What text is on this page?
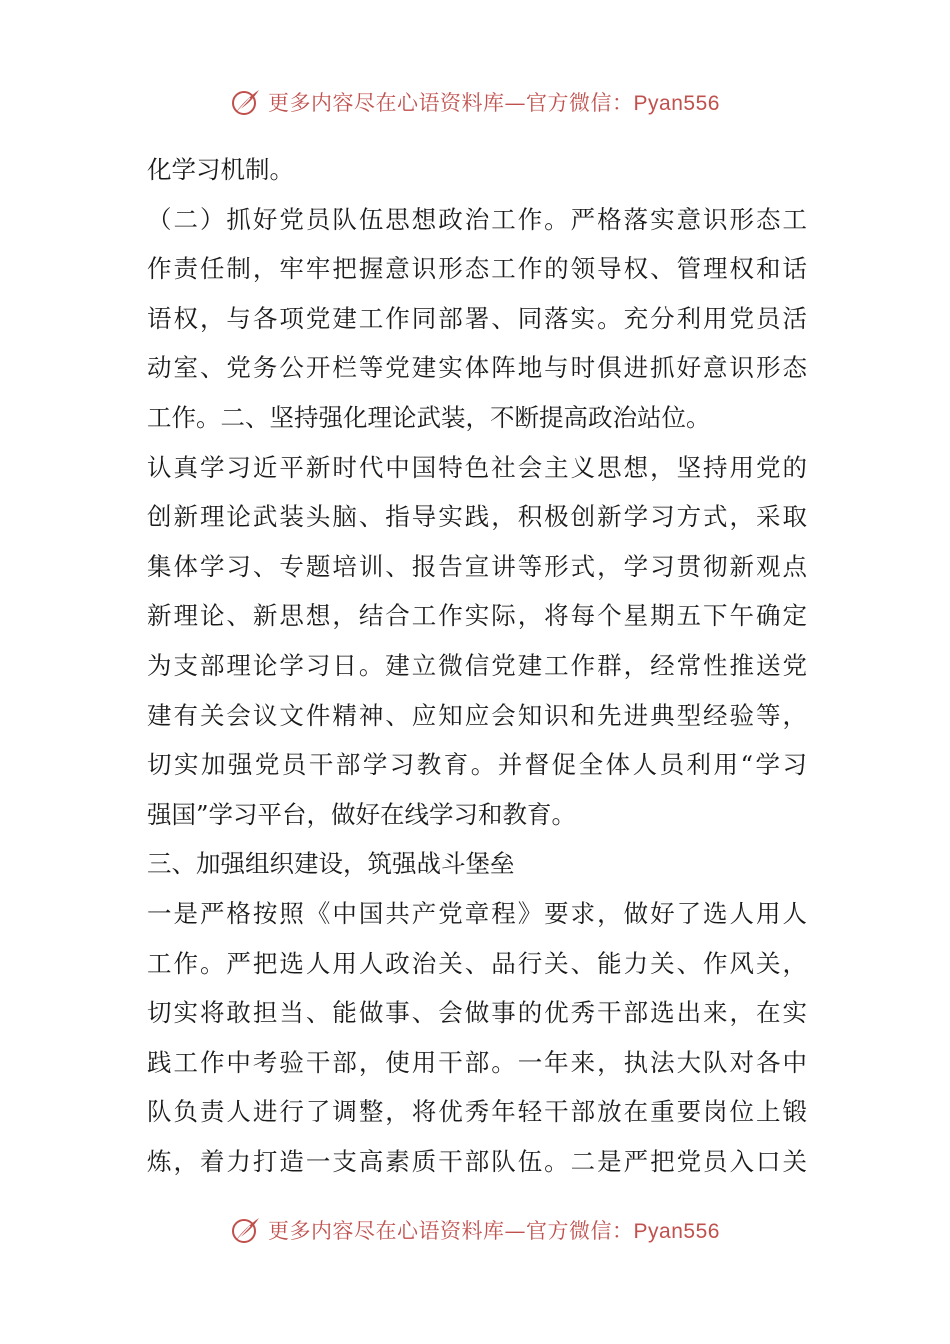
更多内容尽在心语资料库—官方微信：Pyan556
化学习机制。
（二）抓好党员队伍思想政治工作。严格落实意识形态工
作责任制，牢牢把握意识形态工作的领导权、管理权和话
语权，与各项党建工作同部署、同落实。充分利用党员活
动室、党务公开栏等党建实体阵地与时俱进抓好意识形态
工作。二、坚持强化理论武装，不断提高政治站位。
认真学习近平新时代中国特色社会主义思想，坚持用党的
创新理论武装头脑、指导实践，积极创新学习方式，采取
集体学习、专题培训、报告宣讲等形式，学习贯彻新观点
新理论、新思想，结合工作实际，将每个星期五下午确定
为支部理论学习日。建立微信党建工作群，经常性推送党
建有关会议文件精神、应知应会知识和先进典型经验等，
切实加强党员干部学习教育。并督促全体人员利用“学习
强国”学习平台，做好在线学习和教育。
三、加强组织建设，筑强战斗堡垒
一是严格按照《中国共产党章程》要求，做好了选人用人
工作。严把选人用人政治关、品行关、能力关、作风关，
切实将敢担当、能做事、会做事的优秀干部选出来，在实
践工作中考验干部，使用干部。一年来，执法大队对各中
队负责人进行了调整，将优秀年轻干部放在重要岗位上锻
炼，着力打造一支高素质干部队伍。二是严把党员入口关
更多内容尽在心语资料库—官方微信：Pyan556
